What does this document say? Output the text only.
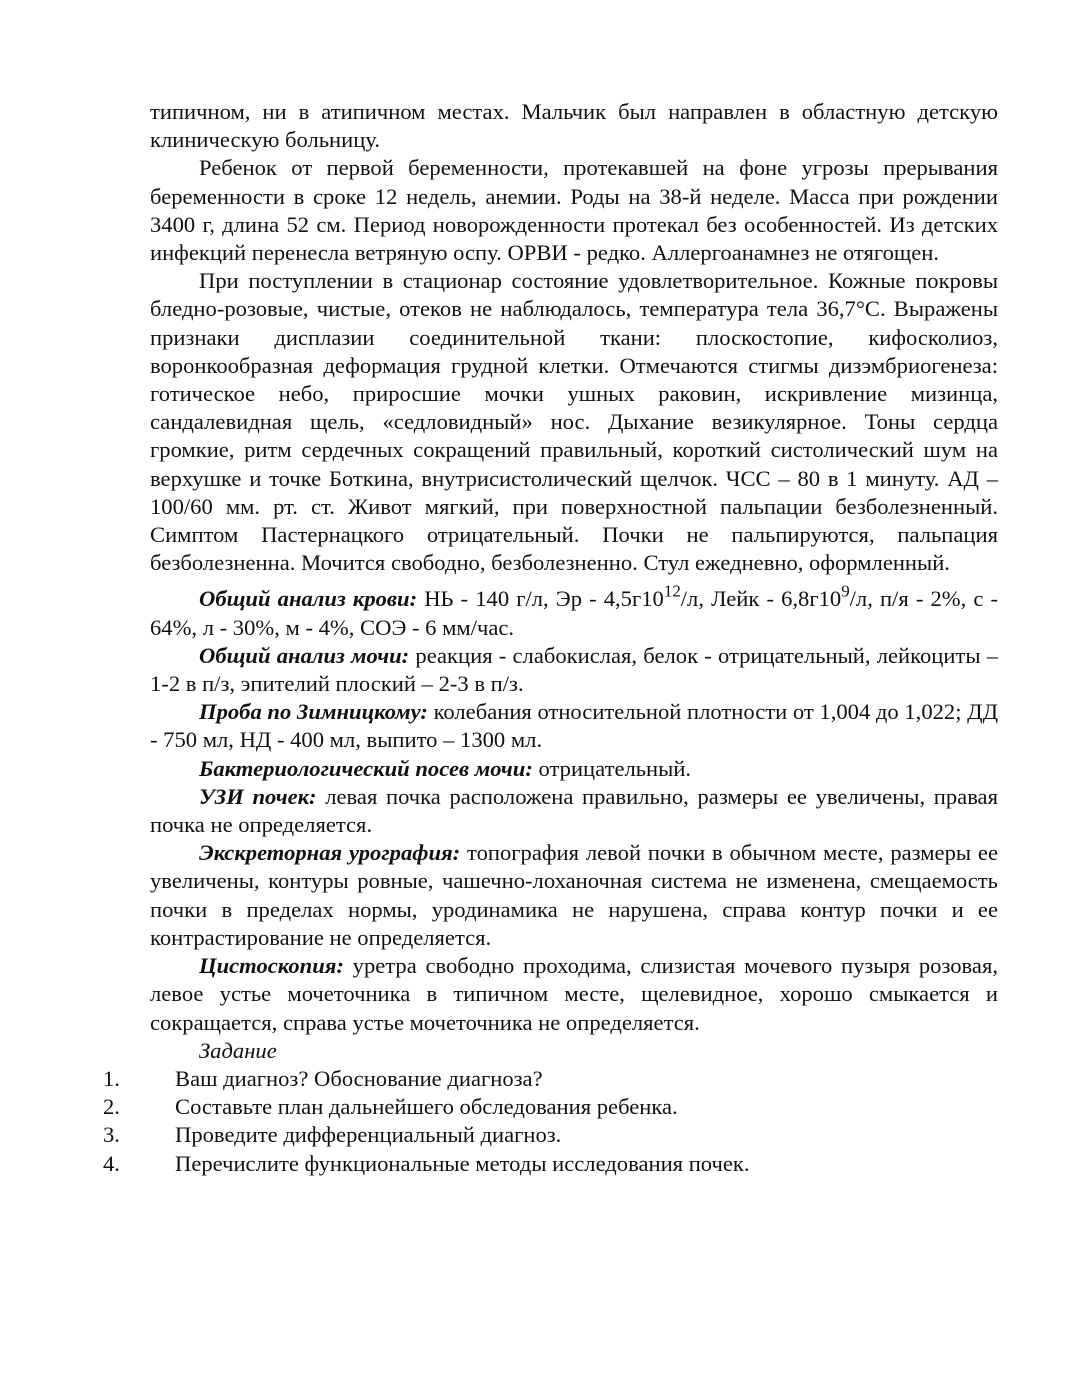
типичном, ни в атипичном местах. Мальчик был направлен в областную детскую клиническую больницу.

Ребенок от первой беременности, протекавшей на фоне угрозы прерывания беременности в сроке 12 недель, анемии. Роды на 38-й неделе. Масса при рождении 3400 г, длина 52 см. Период новорожденности протекал без особенностей. Из детских инфекций перенесла ветряную оспу. ОРВИ - редко. Аллергоанамнез не отягощен.

При поступлении в стационар состояние удовлетворительное. Кожные покровы бледно-розовые, чистые, отеков не наблюдалось, температура тела 36,7°С. Выражены признаки дисплазии соединительной ткани: плоскостопие, кифосколиоз, воронкообразная деформация грудной клетки. Отмечаются стигмы дизэмбриогенеза: готическое небо, приросшие мочки ушных раковин, искривление мизинца, сандалевидная щель, «седловидный» нос. Дыхание везикулярное. Тоны сердца громкие, ритм сердечных сокращений правильный, короткий систолический шум на верхушке и точке Боткина, внутрисистолический щелчок. ЧСС – 80 в 1 минуту. АД – 100/60 мм. рт. ст. Живот мягкий, при поверхностной пальпации безболезненный. Симптом Пастернацкого отрицательный. Почки не пальпируются, пальпация безболезненна. Мочится свободно, безболезненно. Стул ежедневно, оформленный.

Общий анализ крови: НЬ - 140 г/л, Эр - $4,5г10^{12}/л$, Лейк - $6,8г10^9/л$, п/я - 2%, с - 64%, л - 30%, м - 4%, СОЭ - 6 мм/час.

Общий анализ мочи: реакция - слабокислая, белок - отрицательный, лейкоциты – 1-2 в п/з, эпителий плоский – 2-3 в п/з.

Проба по Зимницкому: колебания относительной плотности от 1,004 до 1,022; ДД - 750 мл, НД - 400 мл, выпито – 1300 мл.

Бактериологический посев мочи: отрицательный.

УЗИ почек: левая почка расположена правильно, размеры ее увеличены, правая почка не определяется.

Экскреторная урография: топография левой почки в обычном месте, размеры ее увеличены, контуры ровные, чашечно-лоханочная система не изменена, смещаемость почки в пределах нормы, уродинамика не нарушена, справа контур почки и ее контрастирование не определяется.

Цистоскопия: уретра свободно проходима, слизистая мочевого пузыря розовая, левое устье мочеточника в типичном месте, щелевидное, хорошо смыкается и сокращается, справа устье мочеточника не определяется.

Задание

1. Ваш диагноз? Обоснование диагноза?
2. Составьте план дальнейшего обследования ребенка.
3. Проведите дифференциальный диагноз.
4. Перечислите функциональные методы исследования почек.
